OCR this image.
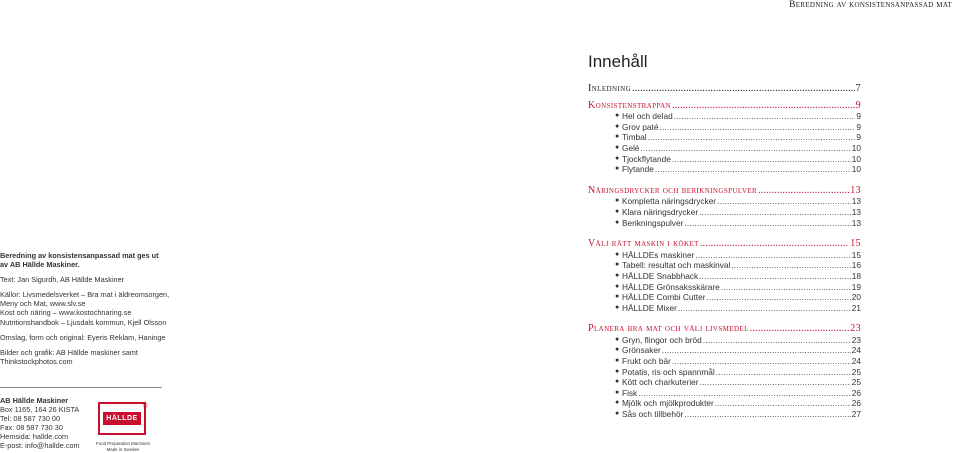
Beredning av konsistensanpassad mat
Innehåll
Inledning .....	7
Konsistenstrappan .....	9
● Hel och delad .....	9
● Grov paté .....	9
● Timbal .....	9
● Gelé .....	10
● Tjockflytande .....	10
● Flytande .....	10
Näringsdrycker och berikningspulver .....	13
● Kompletta näringsdrycker .....	13
● Klara näringsdrycker .....	13
● Berikningspulver .....	13
Välj rätt maskin i köket .....	15
● HÄLLDEs maskiner .....	15
● Tabell: resultat och maskinval .....	16
● HÄLLDE Snabbhack .....	18
● HÄLLDE Grönsaksskärare .....	19
● HÄLLDE Combi Cutter .....	20
● HÄLLDE Mixer .....	21
Planera bra mat och välj livsmedel .....	23
● Gryn, flingor och bröd .....	23
● Grönsaker .....	24
● Frukt och bär .....	24
● Potatis, ris och spannmål .....	25
● Kött och charkuterier .....	25
● Fisk .....	26
● Mjölk och mjölkprodukter .....	26
● Sås och tillbehör .....	27

Beredning av konsistensanpassad mat ges ut
av AB Hällde Maskiner.

Text: Jan Sigurdh, AB Hällde Maskiner

Källor: Livsmedelsverket – Bra mat i äldreomsorgen,
Meny och Mat, www.slv.se
Kost och näring – www.kostochnaring.se
Nutritionshandbok – Ljusdals kommun, Kjell Olsson

Omslag, form och original: Eyeris Reklam, Haninge

Bilder och grafik: AB Hällde maskiner samt
Thinkstockphotos.com

AB Hällde Maskiner
Box 1165, 164 26 KISTA
Tel: 08 587 730 00
Fax: 08 587 730 30
Hemsida: hallde.com
E-post: info@hallde.com
HÄLLDE
®
Food Preparation Machines
Made in Sweden
